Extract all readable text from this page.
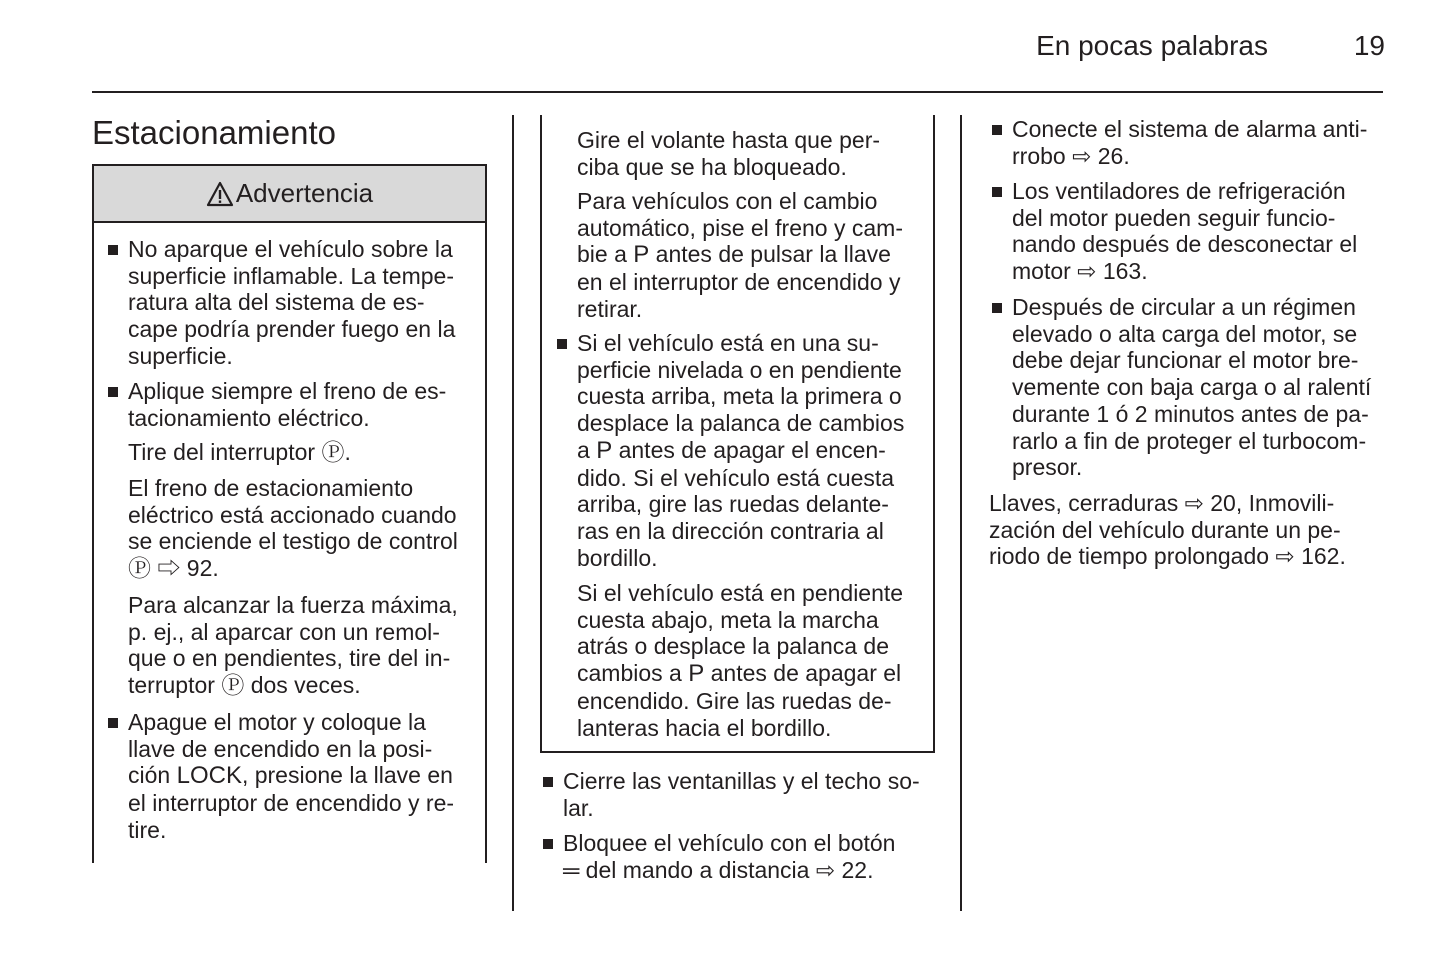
En pocas palabras	19
Estacionamiento
Advertencia
No aparque el vehículo sobre la
superficie inflamable. La tempe-
ratura alta del sistema de es-
cape podría prender fuego en la
superficie.
Aplique siempre el freno de es-
tacionamiento eléctrico.
Tire del interruptor Ⓟ.
El freno de estacionamiento
eléctrico está accionado cuando
se enciende el testigo de control
Ⓟ ⇨ 92.
Para alcanzar la fuerza máxima,
p. ej., al aparcar con un remol-
que o en pendientes, tire del in-
terruptor Ⓟ dos veces.
Apague el motor y coloque la
llave de encendido en la posi-
ción LOCK, presione la llave en
el interruptor de encendido y re-
tire.
Gire el volante hasta que per-
ciba que se ha bloqueado.
Para vehículos con el cambio
automático, pise el freno y cam-
bie a P antes de pulsar la llave
en el interruptor de encendido y
retirar.
Si el vehículo está en una su-
perficie nivelada o en pendiente
cuesta arriba, meta la primera o
desplace la palanca de cambios
a P antes de apagar el encen-
dido. Si el vehículo está cuesta
arriba, gire las ruedas delante-
ras en la dirección contraria al
bordillo.
Si el vehículo está en pendiente
cuesta abajo, meta la marcha
atrás o desplace la palanca de
cambios a P antes de apagar el
encendido. Gire las ruedas de-
lanteras hacia el bordillo.
Cierre las ventanillas y el techo so-
lar.
Bloquee el vehículo con el botón
═ del mando a distancia ⇨ 22.
Conecte el sistema de alarma anti-
rrobo ⇨ 26.
Los ventiladores de refrigeración
del motor pueden seguir funcio-
nando después de desconectar el
motor ⇨ 163.
Después de circular a un régimen
elevado o alta carga del motor, se
debe dejar funcionar el motor bre-
vemente con baja carga o al ralentí
durante 1 ó 2 minutos antes de pa-
rarlo a fin de proteger el turbocom-
presor.
Llaves, cerraduras ⇨ 20, Inmovili-
zación del vehículo durante un pe-
riodo de tiempo prolongado ⇨ 162.
